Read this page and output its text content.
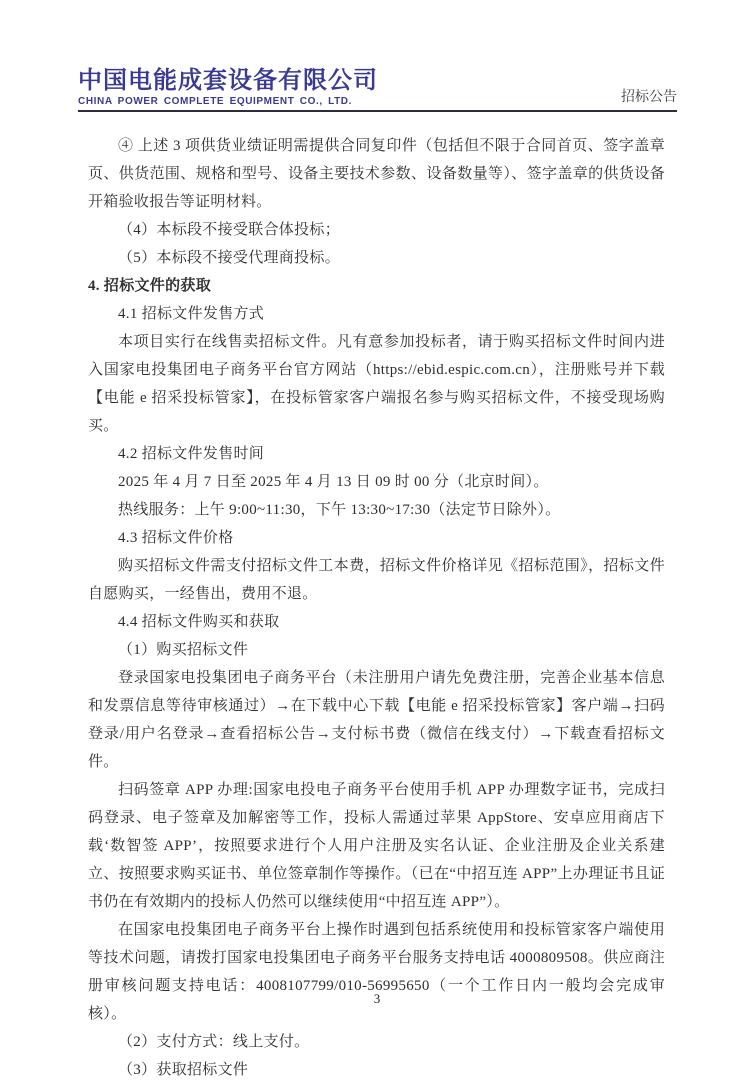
中国电能成套设备有限公司
CHINA POWER COMPLETE EQUIPMENT CO., LTD.	招标公告

④ 上述 3 项供货业绩证明需提供合同复印件（包括但不限于合同首页、签字盖章页、供货范围、规格和型号、设备主要技术参数、设备数量等）、签字盖章的供货设备开箱验收报告等证明材料。

（4）本标段不接受联合体投标；

（5）本标段不接受代理商投标。

4. 招标文件的获取

4.1 招标文件发售方式

本项目实行在线售卖招标文件。凡有意参加投标者，请于购买招标文件时间内进入国家电投集团电子商务平台官方网站（https://ebid.espic.com.cn），注册账号并下载【电能 e 招采投标管家】，在投标管家客户端报名参与购买招标文件，不接受现场购买。

4.2 招标文件发售时间

2025 年 4 月 7 日至 2025 年 4 月 13 日 09 时 00 分（北京时间）。

热线服务：上午 9:00~11:30，下午 13:30~17:30（法定节日除外）。

4.3 招标文件价格

购买招标文件需支付招标文件工本费，招标文件价格详见《招标范围》，招标文件自愿购买，一经售出，费用不退。

4.4 招标文件购买和获取

（1）购买招标文件

登录国家电投集团电子商务平台（未注册用户请先免费注册，完善企业基本信息和发票信息等待审核通过）→在下载中心下载【电能 e 招采投标管家】客户端→扫码登录/用户名登录→查看招标公告→支付标书费（微信在线支付）→下载查看招标文件。

扫码签章 APP 办理:国家电投电子商务平台使用手机 APP 办理数字证书，完成扫码登录、电子签章及加解密等工作，投标人需通过苹果 AppStore、安卓应用商店下载‘数智签 APP’，按照要求进行个人用户注册及实名认证、企业注册及企业关系建立、按照要求购买证书、单位签章制作等操作。（已在“中招互连 APP”上办理证书且证书仍在有效期内的投标人仍然可以继续使用“中招互连 APP”）。

在国家电投集团电子商务平台上操作时遇到包括系统使用和投标管家客户端使用等技术问题，请拨打国家电投集团电子商务平台服务支持电话 4000809508。供应商注册审核问题支持电话：4008107799/010-56995650（一个工作日内一般均会完成审核）。

（2）支付方式：线上支付。

（3）获取招标文件

3
